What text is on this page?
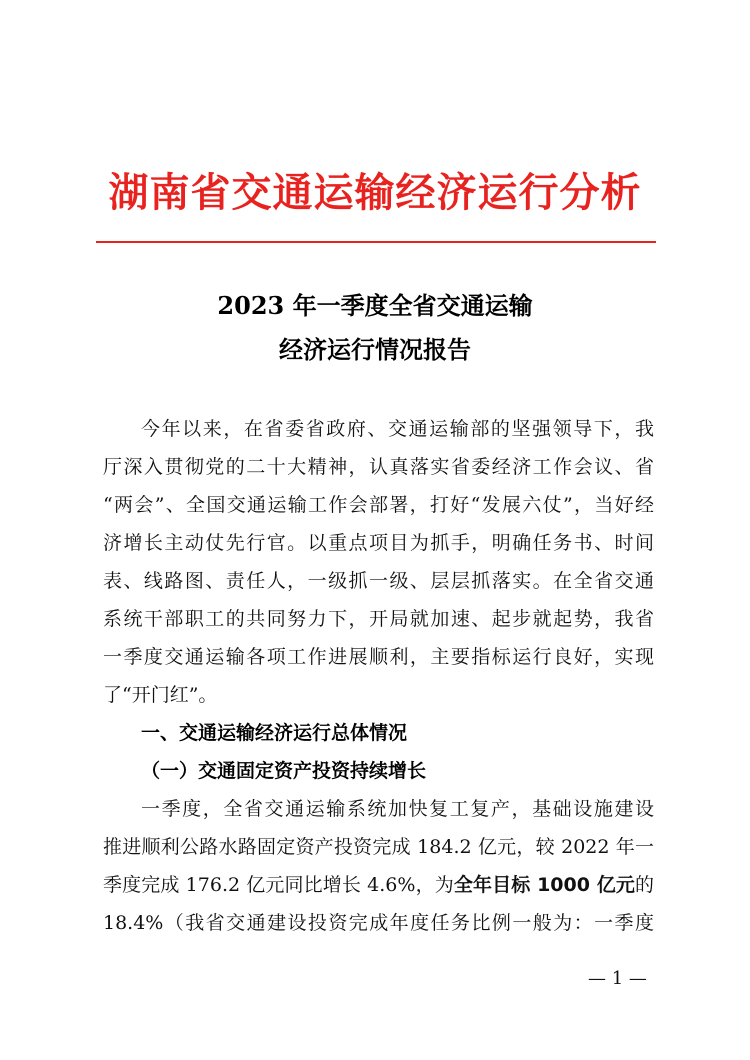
湖南省交通运输经济运行分析
2023 年一季度全省交通运输
经济运行情况报告
今年以来，在省委省政府、交通运输部的坚强领导下，我
厅深入贯彻党的二十大精神，认真落实省委经济工作会议、省
“两会”、全国交通运输工作会部署，打好“发展六仗”，当好经
济增长主动仗先行官。以重点项目为抓手，明确任务书、时间
表、线路图、责任人，一级抓一级、层层抓落实。在全省交通
系统干部职工的共同努力下，开局就加速、起步就起势，我省
一季度交通运输各项工作进展顺利，主要指标运行良好，实现
了“开门红”。
一、交通运输经济运行总体情况
（一）交通固定资产投资持续增长
一季度，全省交通运输系统加快复工复产，基础设施建设
推进顺利公路水路固定资产投资完成 184.2 亿元，较 2022 年一
季度完成 176.2 亿元同比增长 4.6%，为全年目标 1000 亿元的
18.4%（我省交通建设投资完成年度任务比例一般为：一季度
— 1 —
